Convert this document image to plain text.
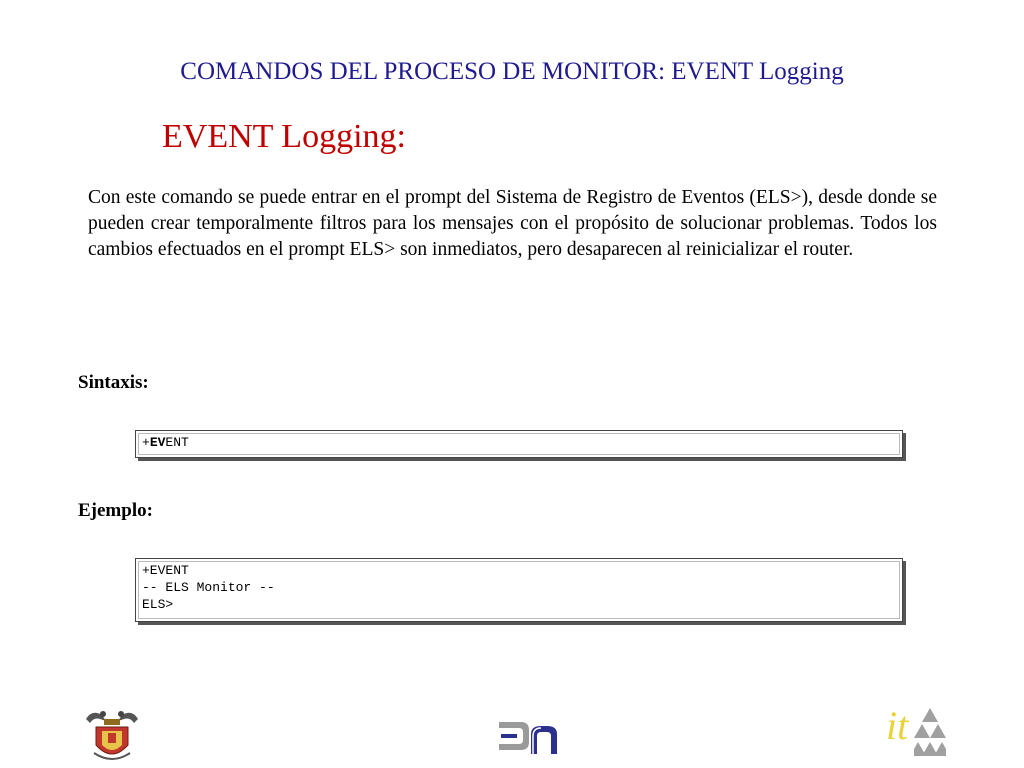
COMANDOS DEL PROCESO DE MONITOR: EVENT Logging
EVENT Logging:

Con este comando se puede entrar en el prompt del Sistema de Registro de Eventos (ELS>), desde donde se pueden crear temporalmente filtros para los mensajes con el propósito de solucionar problemas. Todos los cambios efectuados en el prompt ELS> son inmediatos, pero desaparecen al reinicializar el router.

Sintaxis:
+EVENT
Ejemplo:
+EVENT
-- ELS Monitor --
ELS>
it
